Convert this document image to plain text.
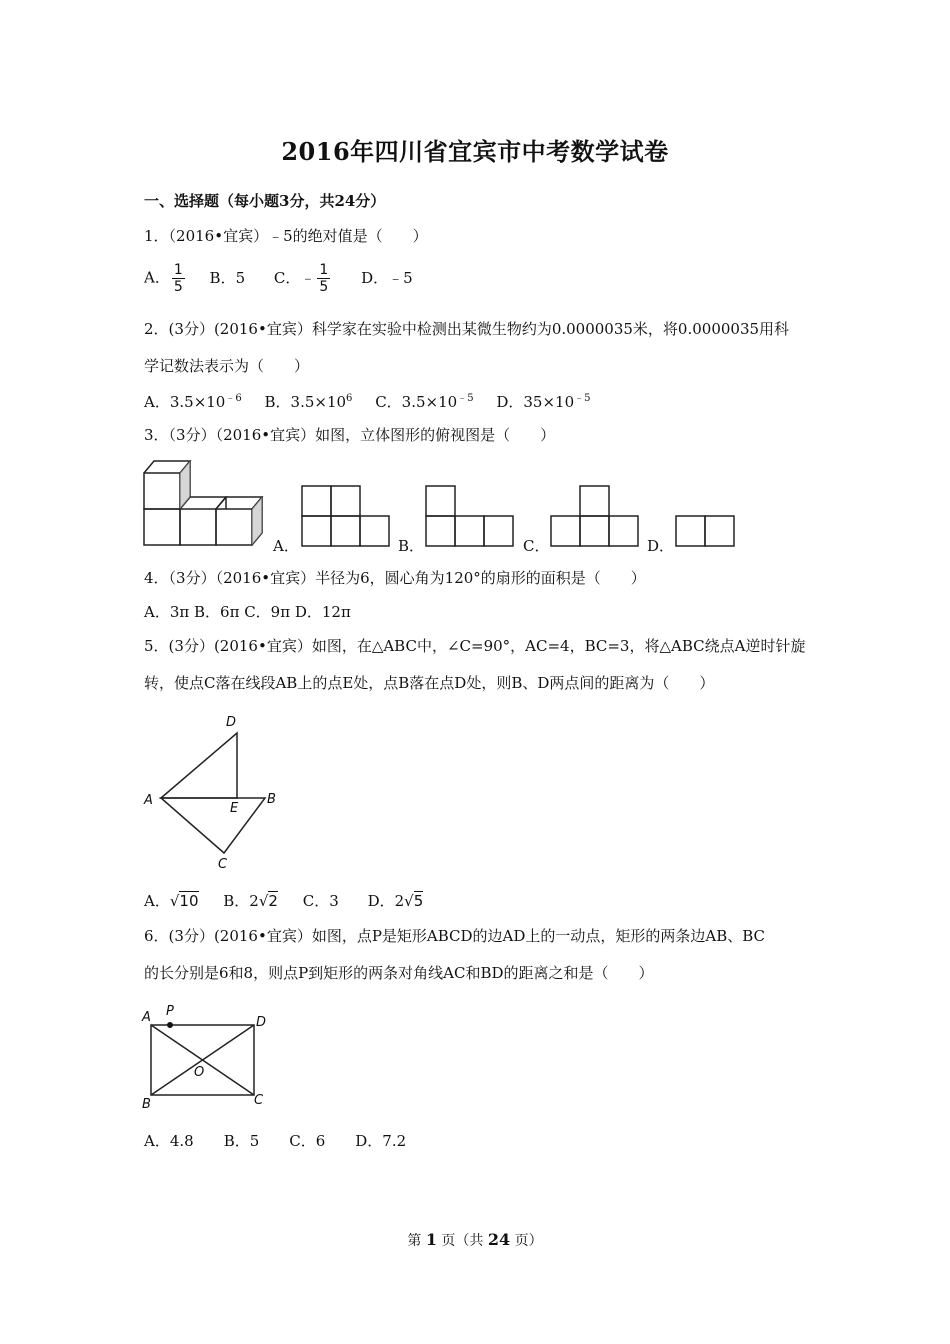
2016年四川省宜宾市中考数学试卷
一、选择题（每小题3分，共24分）
1．（2016•宜宾）﹣5的绝对值是（　　）
A． $\frac{1}{5}$ B．5 C．﹣ $\frac{1}{5}$ D．﹣5
2．(3分）(2016•宜宾）科学家在实验中检测出某微生物约为0.0000035米，将0.0000035用科
学记数法表示为（　　）
A．$3.5\times 10^{﹣6}$ B．$3.5\times 10^6$ C．$3.5\times 10^{﹣5}$ D．$35\times 10^{﹣5}$
3．（3分）（2016•宜宾）如图，立体图形的俯视图是（　　）
A．	B．	C．	D．
4．（3分）（2016•宜宾）半径为6，圆心角为120°的扇形的面积是（　　）
A．3π B．6π C．9π D．12π
5．(3分）(2016•宜宾）如图，在△ABC中，∠C=90°，AC=4，BC=3，将△ABC绕点A逆时针旋
转，使点C落在线段AB上的点E处，点B落在点D处，则B、D两点间的距离为（　　）
D
A
E
B
C
A．√10 B．2√2 C．3 D．2√5
6．(3分）(2016•宜宾）如图，点P是矩形ABCD的边AD上的一动点，矩形的两条边AB、BC
的长分别是6和8，则点P到矩形的两条对角线AC和BD的距离之和是（　　）
A P
D
O
B	C
A．4.8　　B．5　　C．6　　D．7.2
第 1 页（共 24 页）
